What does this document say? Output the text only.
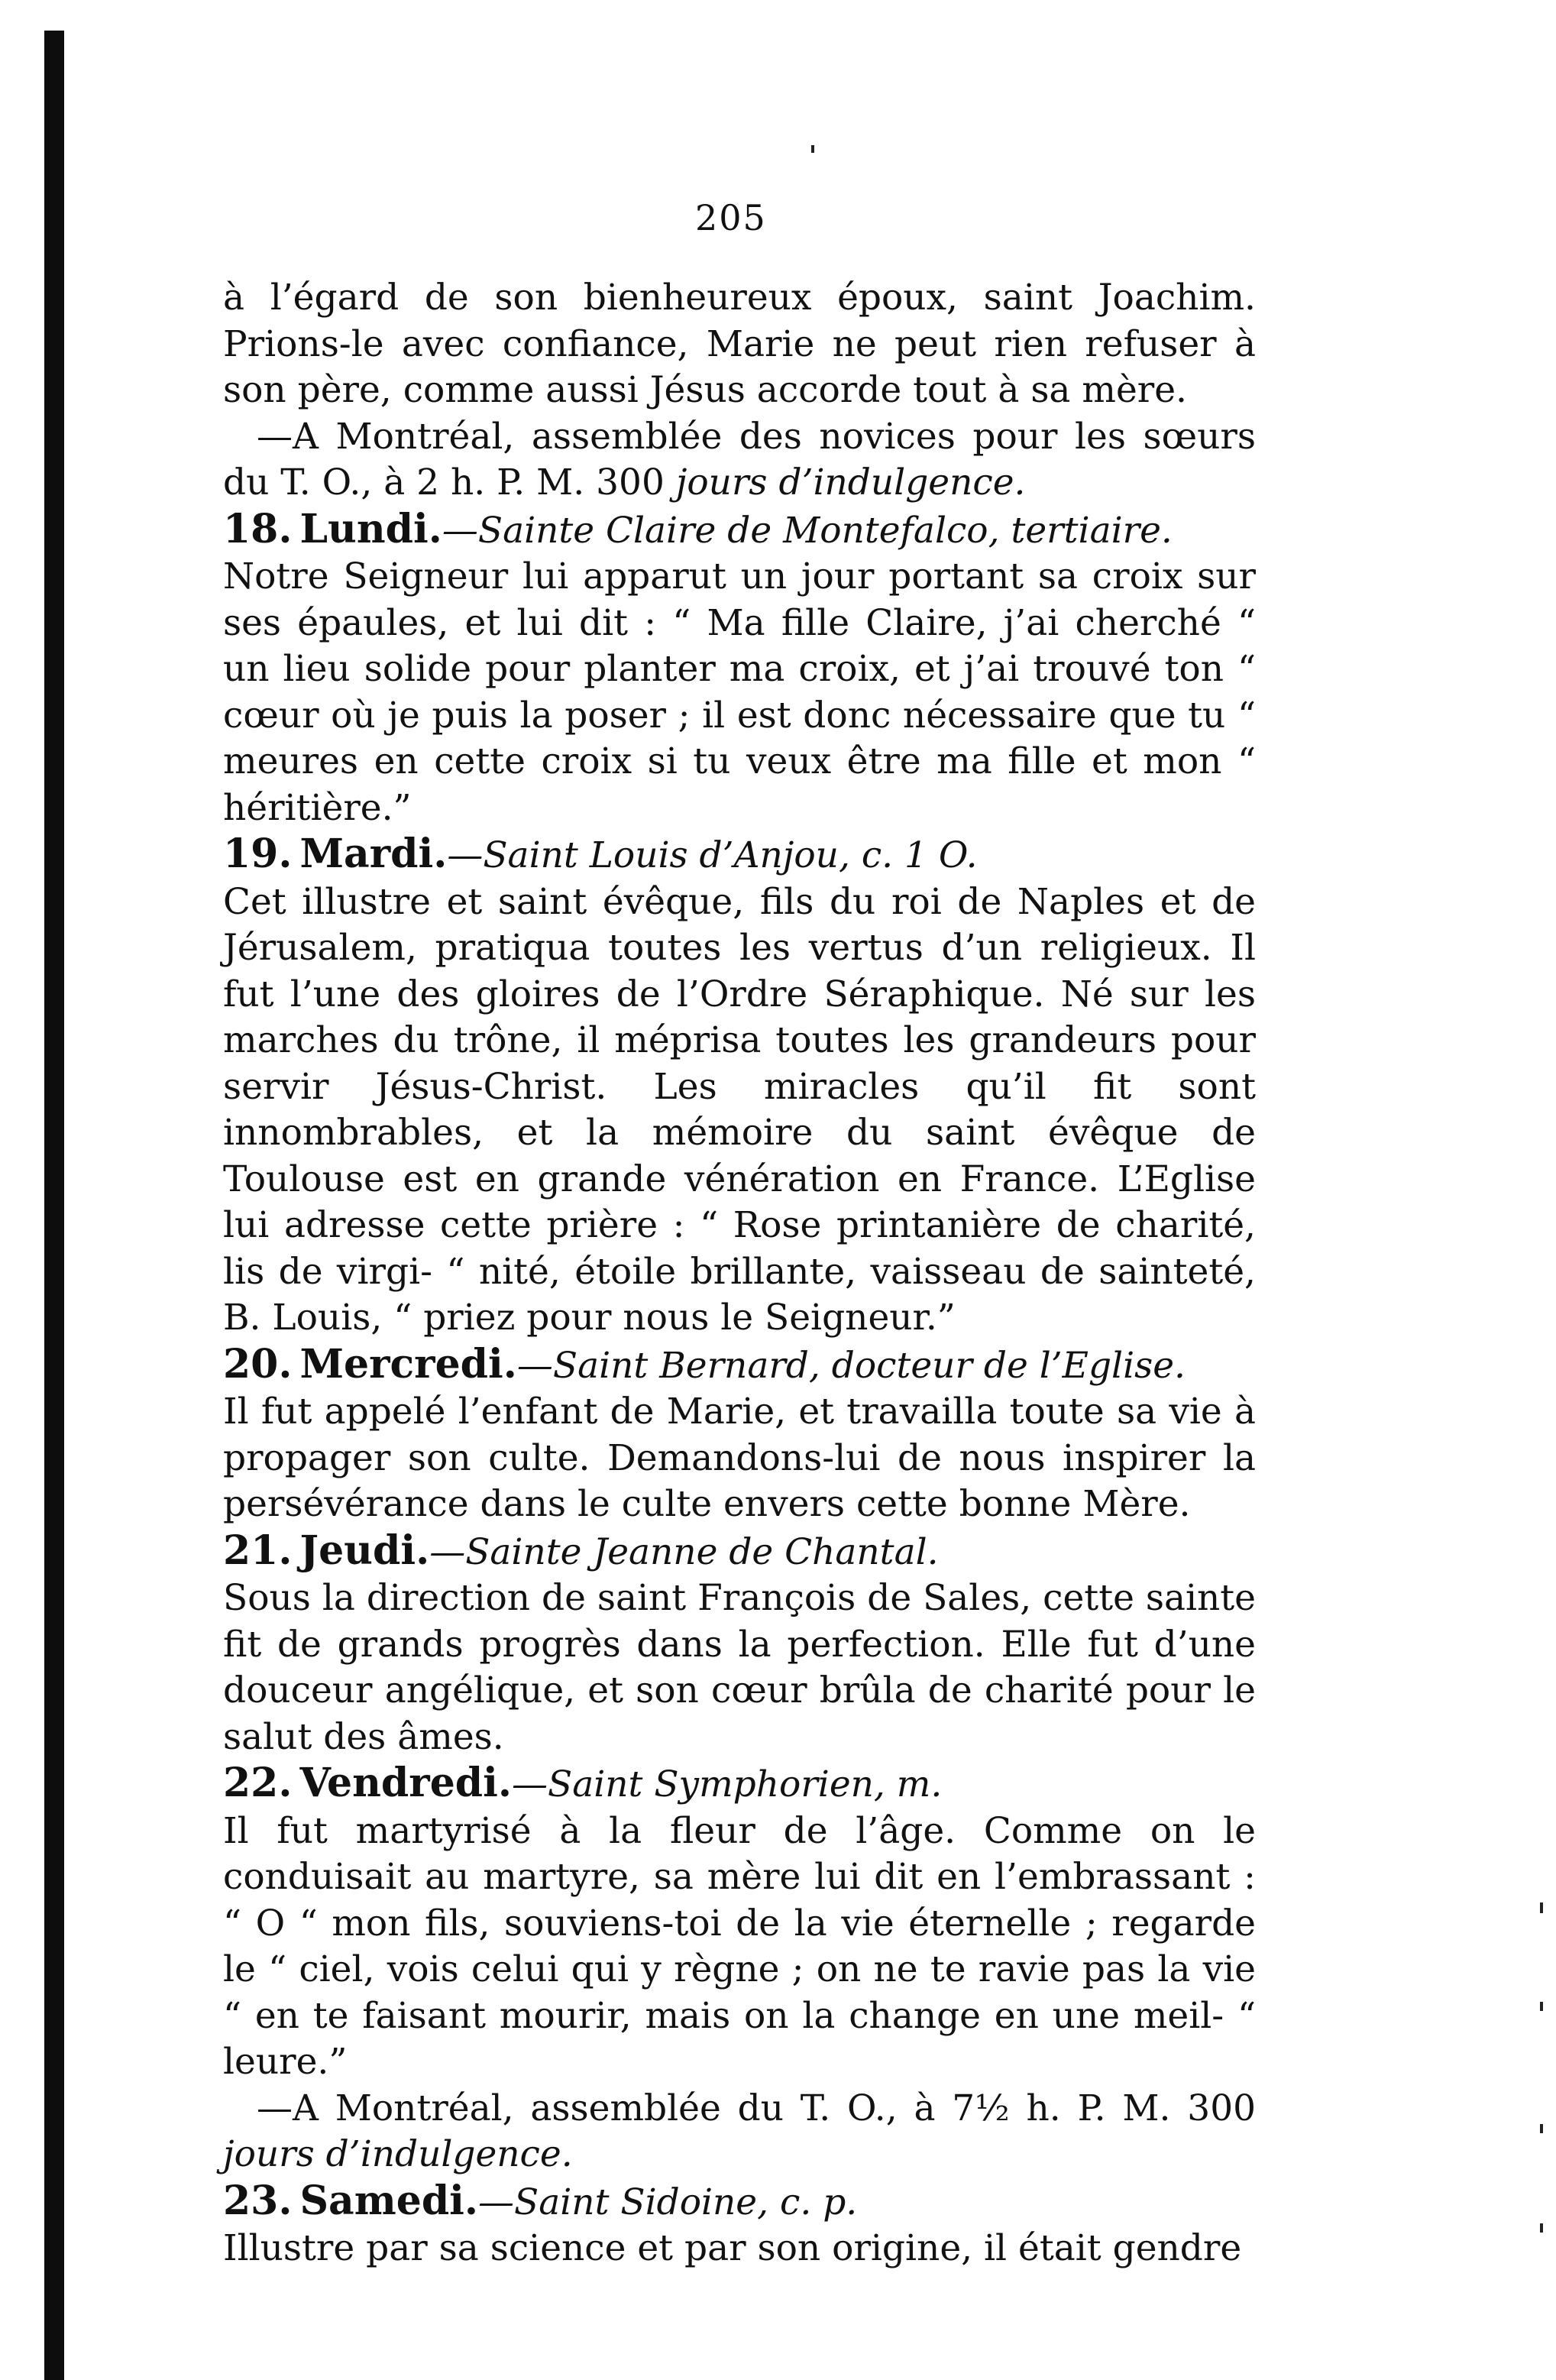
205

à l’égard de son bienheureux époux, saint Joachim. Prions-le avec confiance, Marie ne peut rien refuser à son père, comme aussi Jésus accorde tout à sa mère.

—A Montréal, assemblée des novices pour les sœurs du T. O., à 2 h. P. M. 300 jours d’indulgence.

18. Lundi.—Sainte Claire de Montefalco, tertiaire.

Notre Seigneur lui apparut un jour portant sa croix sur ses épaules, et lui dit : “ Ma fille Claire, j’ai cherché “ un lieu solide pour planter ma croix, et j’ai trouvé ton “ cœur où je puis la poser ; il est donc nécessaire que tu “ meures en cette croix si tu veux être ma fille et mon “ héritière.”

19. Mardi.—Saint Louis d’Anjou, c. 1 O.

Cet illustre et saint évêque, fils du roi de Naples et de Jérusalem, pratiqua toutes les vertus d’un religieux. Il fut l’une des gloires de l’Ordre Séraphique. Né sur les marches du trône, il méprisa toutes les grandeurs pour servir Jésus-Christ. Les miracles qu’il fit sont innombrables, et la mémoire du saint évêque de Toulouse est en grande vénération en France. L’Eglise lui adresse cette prière : “ Rose printanière de charité, lis de virgi- “ nité, étoile brillante, vaisseau de sainteté, B. Louis, “ priez pour nous le Seigneur.”

20. Mercredi.—Saint Bernard, docteur de l’Eglise.

Il fut appelé l’enfant de Marie, et travailla toute sa vie à propager son culte. Demandons-lui de nous inspirer la persévérance dans le culte envers cette bonne Mère.

21. Jeudi.—Sainte Jeanne de Chantal.

Sous la direction de saint François de Sales, cette sainte fit de grands progrès dans la perfection. Elle fut d’une douceur angélique, et son cœur brûla de charité pour le salut des âmes.

22. Vendredi.—Saint Symphorien, m.

Il fut martyrisé à la fleur de l’âge. Comme on le conduisait au martyre, sa mère lui dit en l’embrassant : “ O “ mon fils, souviens-toi de la vie éternelle ; regarde le “ ciel, vois celui qui y règne ; on ne te ravie pas la vie “ en te faisant mourir, mais on la change en une meil- “ leure.”

—A Montréal, assemblée du T. O., à 7½ h. P. M. 300 jours d’indulgence.

23. Samedi.—Saint Sidoine, c. p.

Illustre par sa science et par son origine, il était gendre
